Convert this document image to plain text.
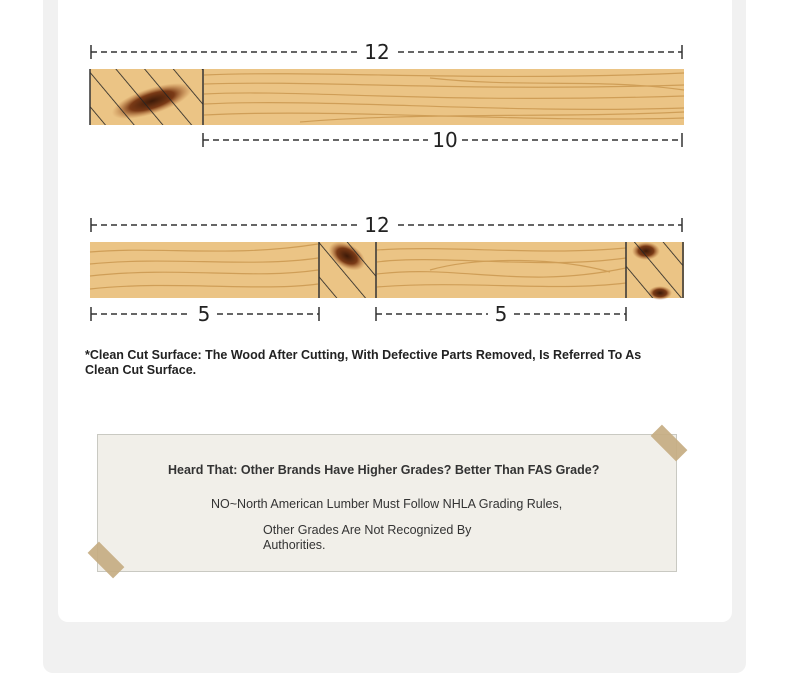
12
10
12
5	5
*Clean Cut Surface: The Wood After Cutting, With Defective Parts Removed, Is Referred To As Clean Cut Surface.
Heard That: Other Brands Have Higher Grades? Better Than FAS Grade?
NO~North American Lumber Must Follow NHLA Grading Rules,
Other Grades Are Not Recognized By Authorities.
